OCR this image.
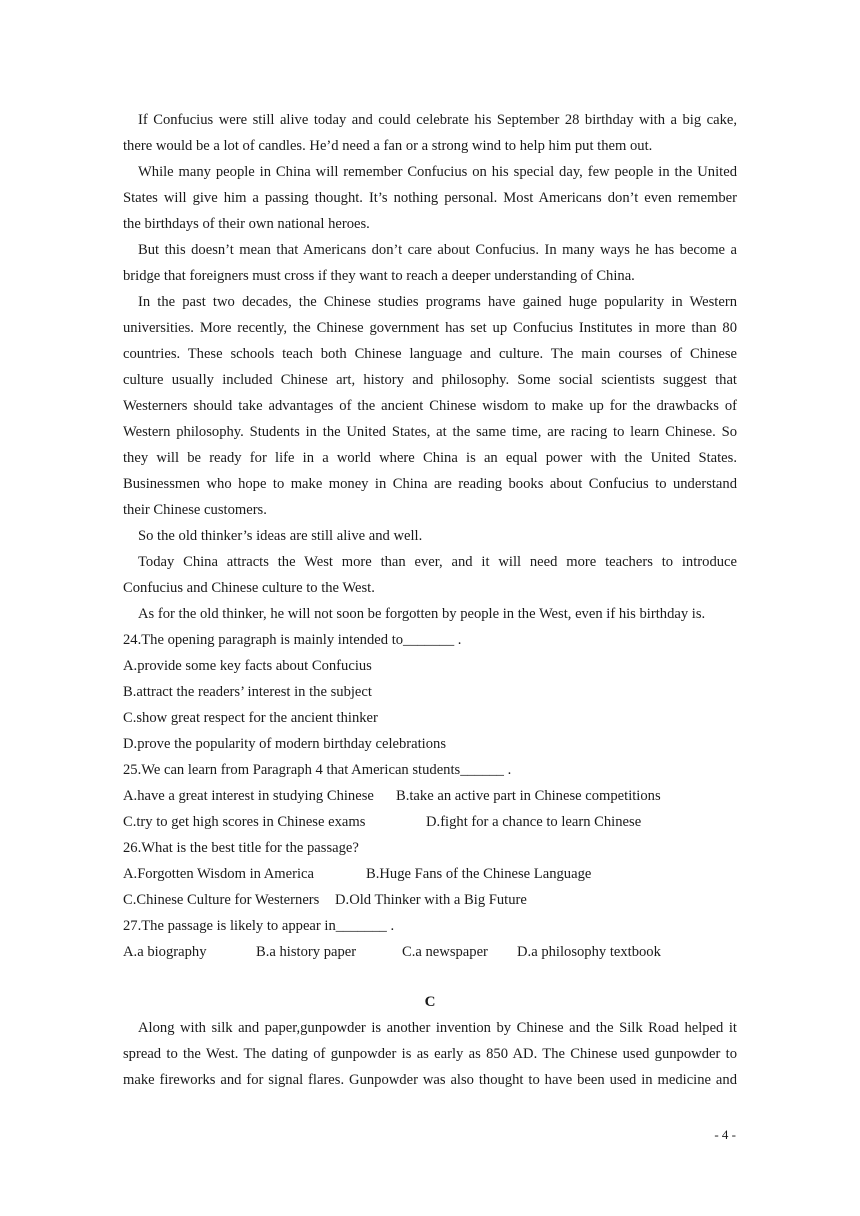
If Confucius were still alive today and could celebrate his September 28 birthday with a big cake,
there would be a lot of candles. He’d need a fan or a strong wind to help him put them out.
While many people in China will remember Confucius on his special day, few people in the United
States will give him a passing thought. It’s nothing personal. Most Americans don’t even remember
the birthdays of their own national heroes.
But this doesn’t mean that Americans don’t care about Confucius. In many ways he has become a
bridge that foreigners must cross if they want to reach a deeper understanding of China.
In the past two decades, the Chinese studies programs have gained huge popularity in Western
universities. More recently, the Chinese government has set up Confucius Institutes in more than 80
countries. These schools teach both Chinese language and culture. The main courses of Chinese
culture usually included Chinese art, history and philosophy. Some social scientists suggest that
Westerners should take advantages of the ancient Chinese wisdom to make up for the drawbacks of
Western philosophy. Students in the United States, at the same time, are racing to learn Chinese. So
they will be ready for life in a world where China is an equal power with the United States.
Businessmen who hope to make money in China are reading books about Confucius to understand
their Chinese customers.
So the old thinker’s ideas are still alive and well.
Today China attracts the West more than ever, and it will need more teachers to introduce
Confucius and Chinese culture to the West.
As for the old thinker, he will not soon be forgotten by people in the West, even if his birthday is.
24.The opening paragraph is mainly intended to_______ .
A.provide some key facts about Confucius
B.attract the readers’ interest in the subject
C.show great respect for the ancient thinker
D.prove the popularity of modern birthday celebrations
25.We can learn from Paragraph 4 that American students______ .
A.have a great interest in studying Chinese	B.take an active part in Chinese competitions
C.try to get high scores in Chinese exams	D.fight for a chance to learn Chinese
26.What is the best title for the passage?
A.Forgotten Wisdom in America	B.Huge Fans of the Chinese Language
C.Chinese Culture for Westerners	D.Old Thinker with a Big Future
27.The passage is likely to appear in_______ .
A.a biography	B.a history paper	C.a newspaper	D.a philosophy textbook
C
Along with silk and paper,gunpowder is another invention by Chinese and the Silk Road helped it
spread to the West. The dating of gunpowder is as early as 850 AD. The Chinese used gunpowder to
make fireworks and for signal flares. Gunpowder was also thought to have been used in medicine and
- 4 -
